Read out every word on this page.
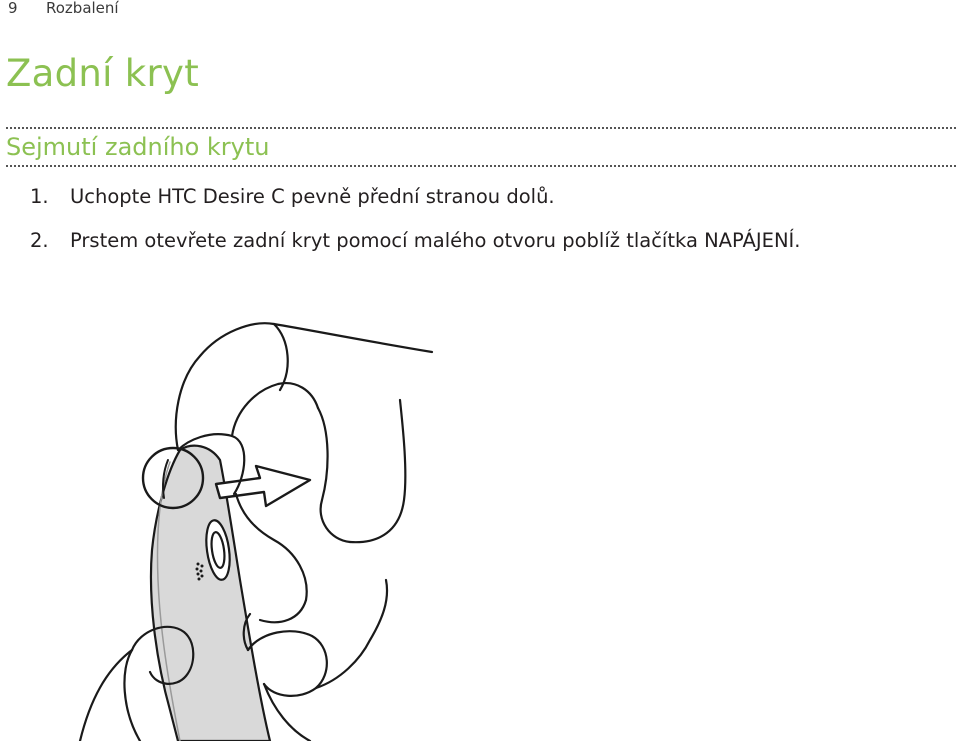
9 Rozbalení
Zadní kryt
Sejmutí zadního krytu
1. Uchopte HTC Desire C pevně přední stranou dolů.
2. Prstem otevřete zadní kryt pomocí malého otvoru poblíž tlačítka NAPÁJENÍ.
